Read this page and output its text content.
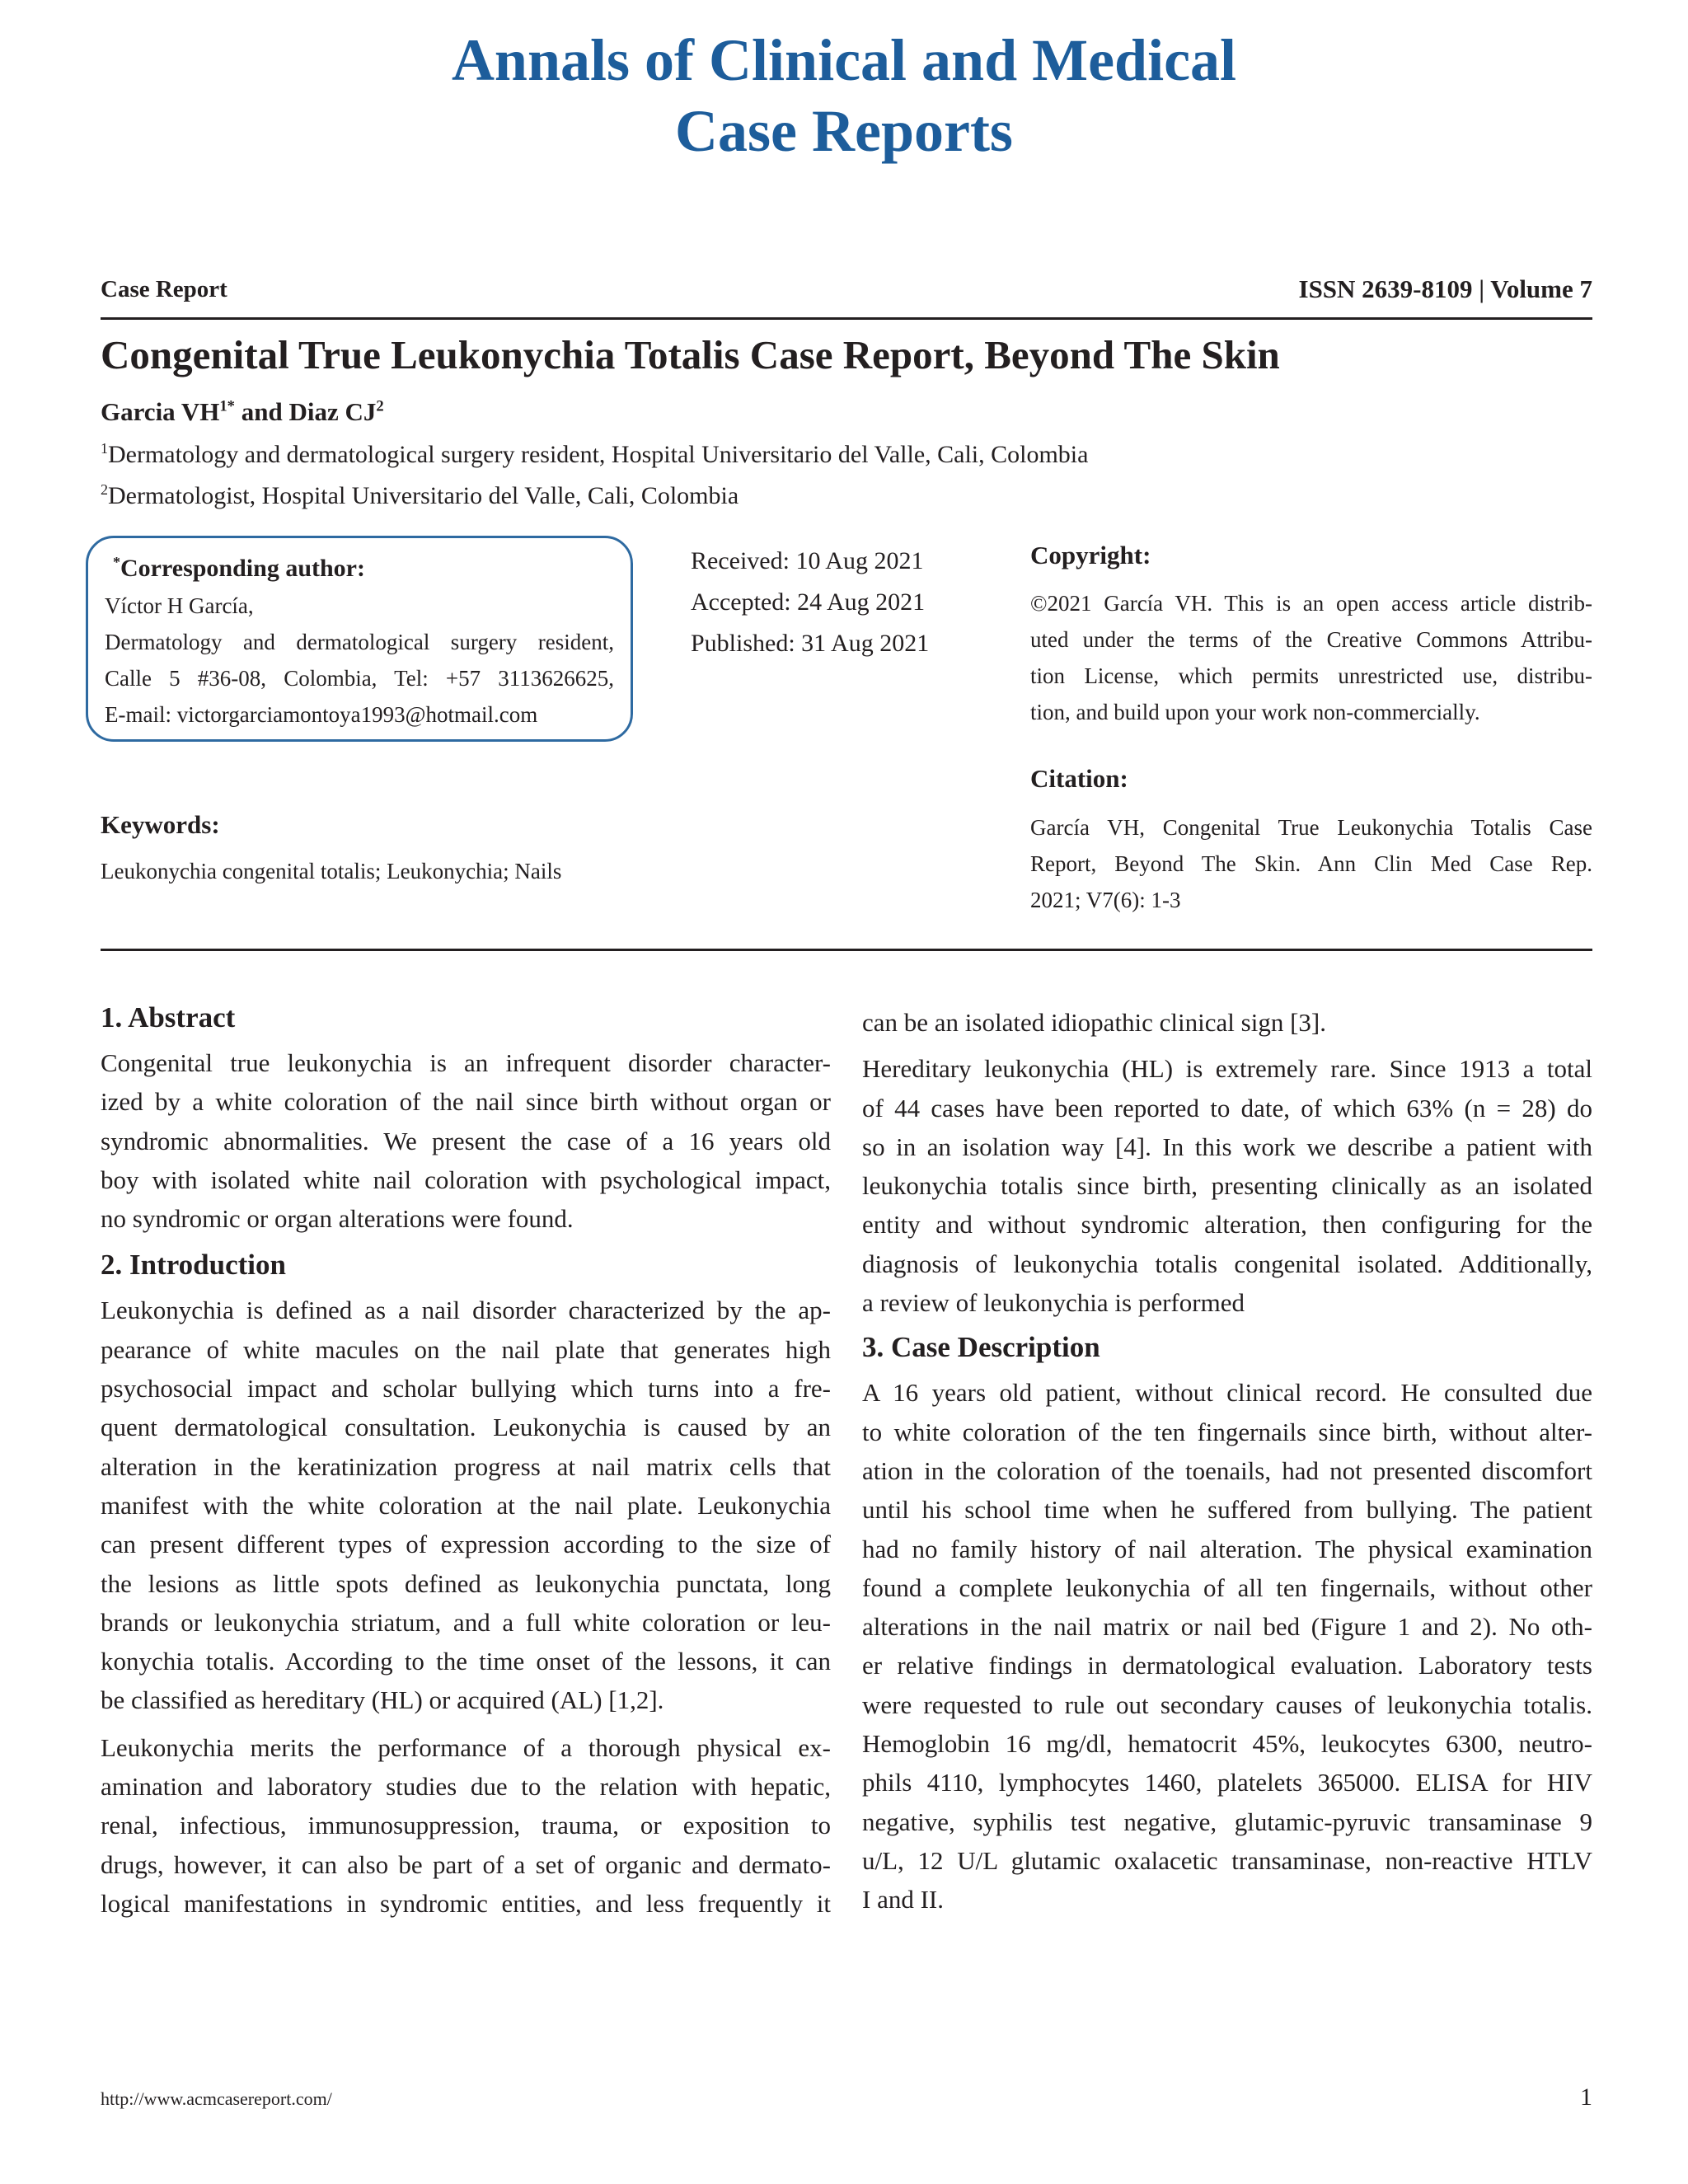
Annals of Clinical and Medical
Case Reports
Case Report	ISSN 2639-8109 | Volume 7
Congenital True Leukonychia Totalis Case Report, Beyond The Skin
Garcia $VH^{1*}$ and Diaz $CJ^2$
$^1$Dermatology and dermatological surgery resident, Hospital Universitario del Valle, Cali, Colombia
$^2$Dermatologist, Hospital Universitario del Valle, Cali, Colombia
*Corresponding author:
Víctor H García,
Dermatology and dermatological surgery resident,
Calle 5 #36-08, Colombia, Tel: +57 3113626625,
E-mail: victorgarciamontoya1993@hotmail.com
Received: 10 Aug 2021
Accepted: 24 Aug 2021
Published: 31 Aug 2021
Copyright:

©2021 García VH. This is an open access article distrib-

uted under the terms of the Creative Commons Attribu-

tion License, which permits unrestricted use, distribu-

tion, and build upon your work non-commercially.

Citation:

García VH, Congenital True Leukonychia Totalis Case

Report, Beyond The Skin. Ann Clin Med Case Rep.

2021; V7(6): 1-3

Keywords:
Leukonychia congenital totalis; Leukonychia; Nails
1. Abstract

Congenital true leukonychia is an infrequent disorder character-

ized by a white coloration of the nail since birth without organ or

syndromic abnormalities. We present the case of a 16 years old

boy with isolated white nail coloration with psychological impact,

no syndromic or organ alterations were found.

2. Introduction

Leukonychia is defined as a nail disorder characterized by the ap-

pearance of white macules on the nail plate that generates high

psychosocial impact and scholar bullying which turns into a fre-

quent dermatological consultation. Leukonychia is caused by an

alteration in the keratinization progress at nail matrix cells that

manifest with the white coloration at the nail plate. Leukonychia

can present different types of expression according to the size of

the lesions as little spots defined as leukonychia punctata, long

brands or leukonychia striatum, and a full white coloration or leu-

konychia totalis. According to the time onset of the lessons, it can

be classified as hereditary (HL) or acquired (AL) [1,2].

Leukonychia merits the performance of a thorough physical ex-

amination and laboratory studies due to the relation with hepatic,

renal, infectious, immunosuppression, trauma, or exposition to

drugs, however, it can also be part of a set of organic and dermato-

logical manifestations in syndromic entities, and less frequently it

can be an isolated idiopathic clinical sign [3].

Hereditary leukonychia (HL) is extremely rare. Since 1913 a total

of 44 cases have been reported to date, of which 63% (n = 28) do

so in an isolation way [4]. In this work we describe a patient with

leukonychia totalis since birth, presenting clinically as an isolated

entity and without syndromic alteration, then configuring for the

diagnosis of leukonychia totalis congenital isolated. Additionally,

a review of leukonychia is performed

3. Case Description

A 16 years old patient, without clinical record. He consulted due

to white coloration of the ten fingernails since birth, without alter-

ation in the coloration of the toenails, had not presented discomfort

until his school time when he suffered from bullying. The patient

had no family history of nail alteration. The physical examination

found a complete leukonychia of all ten fingernails, without other

alterations in the nail matrix or nail bed (Figure 1 and 2). No oth-

er relative findings in dermatological evaluation. Laboratory tests

were requested to rule out secondary causes of leukonychia totalis.

Hemoglobin 16 mg/dl, hematocrit 45%, leukocytes 6300, neutro-

phils 4110, lymphocytes 1460, platelets 365000. ELISA for HIV

negative, syphilis test negative, glutamic-pyruvic transaminase 9

u/L, 12 U/L glutamic oxalacetic transaminase, non-reactive HTLV

I and II.

http://www.acmcasereport.com/	1
